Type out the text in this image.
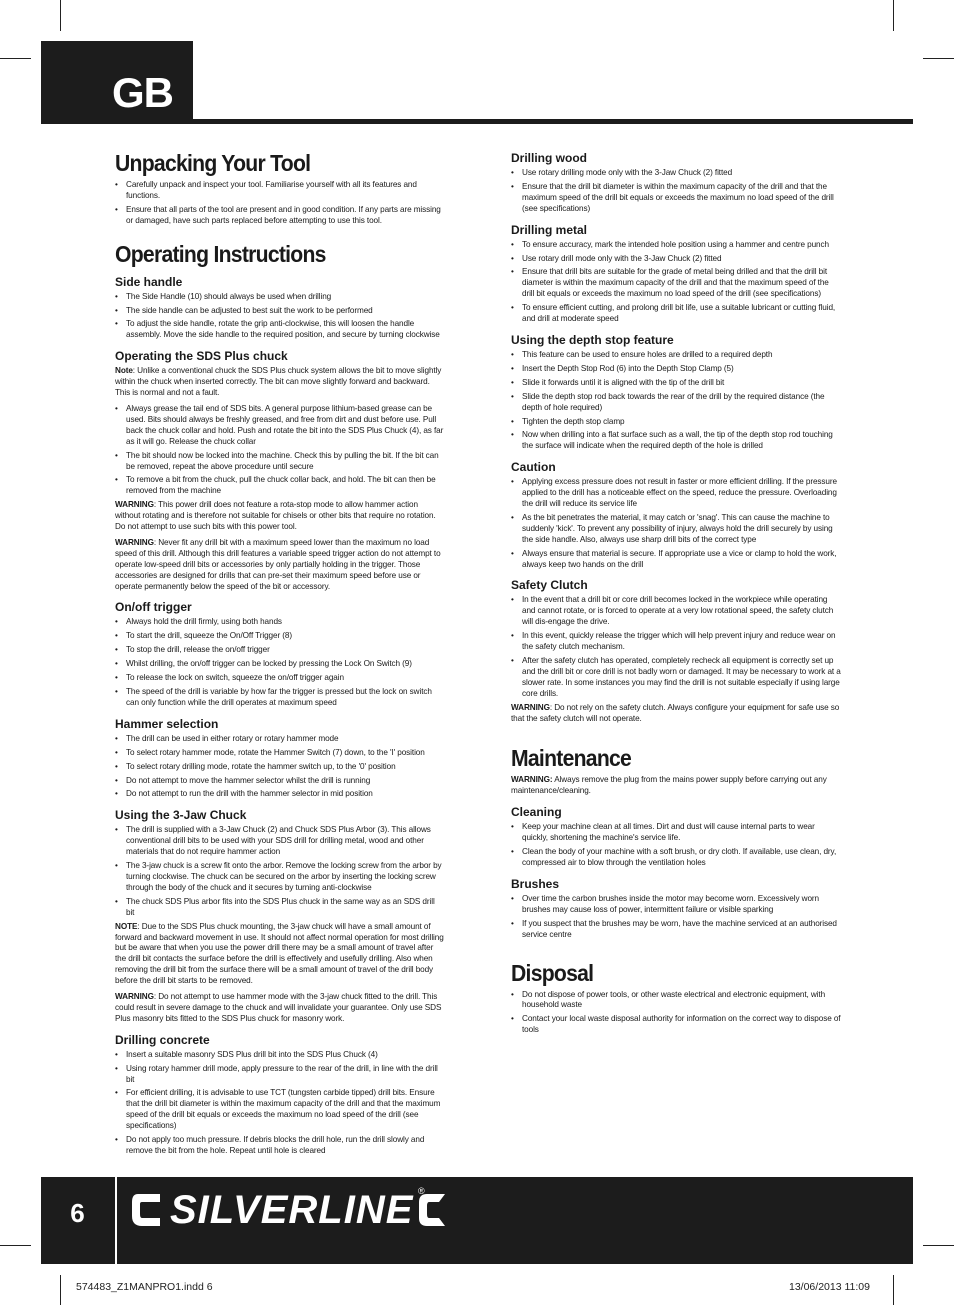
GB
Unpacking Your Tool
• Carefully unpack and inspect your tool. Familiarise yourself with all its features and functions.
• Ensure that all parts of the tool are present and in good condition. If any parts are missing or damaged, have such parts replaced before attempting to use this tool.
Operating Instructions
Side handle
• The Side Handle (10) should always be used when drilling
• The side handle can be adjusted to best suit the work to be performed
• To adjust the side handle, rotate the grip anti-clockwise, this will loosen the handle assembly. Move the side handle to the required position, and secure by turning clockwise
Operating the SDS Plus chuck

Note: Unlike a conventional chuck the SDS Plus chuck system allows the bit to move slightly within the chuck when inserted correctly. The bit can move slightly forward and backward. This is normal and not a fault.

• Always grease the tail end of SDS bits. A general purpose lithium-based grease can be used. Bits should always be freshly greased, and free from dirt and dust before use. Pull back the chuck collar and hold. Push and rotate the bit into the SDS Plus Chuck (4), as far as it will go. Release the chuck collar
• The bit should now be locked into the machine. Check this by pulling the bit. If the bit can be removed, repeat the above procedure until secure
• To remove a bit from the chuck, pull the chuck collar back, and hold. The bit can then be removed from the machine

WARNING: This power drill does not feature a rota-stop mode to allow hammer action without rotating and is therefore not suitable for chisels or other bits that require no rotation. Do not attempt to use such bits with this power tool.

WARNING: Never fit any drill bit with a maximum speed lower than the maximum no load speed of this drill. Although this drill features a variable speed trigger action do not attempt to operate low-speed drill bits or accessories by only partially holding in the trigger. Those accessories are designed for drills that can pre-set their maximum speed before use or operate permanently below the speed of the bit or accessory.

On/off trigger
• Always hold the drill firmly, using both hands
• To start the drill, squeeze the On/Off Trigger (8)
• To stop the drill, release the on/off trigger
• Whilst drilling, the on/off trigger can be locked by pressing the Lock On Switch (9)
• To release the lock on switch, squeeze the on/off trigger again
• The speed of the drill is variable by how far the trigger is pressed but the lock on switch can only function while the drill operates at maximum speed
Hammer selection
• The drill can be used in either rotary or rotary hammer mode
• To select rotary hammer mode, rotate the Hammer Switch (7) down, to the 'I' position
• To select rotary drilling mode, rotate the hammer switch up, to the '0' position
• Do not attempt to move the hammer selector whilst the drill is running
• Do not attempt to run the drill with the hammer selector in mid position
Using the 3-Jaw Chuck
• The drill is supplied with a 3-Jaw Chuck (2) and Chuck SDS Plus Arbor (3). This allows conventional drill bits to be used with your SDS drill for drilling metal, wood and other materials that do not require hammer action
• The 3-jaw chuck is a screw fit onto the arbor. Remove the locking screw from the arbor by turning clockwise. The chuck can be secured on the arbor by inserting the locking screw through the body of the chuck and it secures by turning anti-clockwise
• The chuck SDS Plus arbor fits into the SDS Plus chuck in the same way as an SDS drill bit

NOTE: Due to the SDS Plus chuck mounting, the 3-jaw chuck will have a small amount of forward and backward movement in use. It should not affect normal operation for most drilling but be aware that when you use the power drill there may be a small amount of travel after the drill bit contacts the surface before the drill is effectively and usefully drilling. Also when removing the drill bit from the surface there will be a small amount of travel of the drill body before the drill bit starts to be removed.

WARNING: Do not attempt to use hammer mode with the 3-jaw chuck fitted to the drill. This could result in severe damage to the chuck and will invalidate your guarantee. Only use SDS Plus masonry bits fitted to the SDS Plus chuck for masonry work.

Drilling concrete
• Insert a suitable masonry SDS Plus drill bit into the SDS Plus Chuck (4)
• Using rotary hammer drill mode, apply pressure to the rear of the drill, in line with the drill bit
• For efficient drilling, it is advisable to use TCT (tungsten carbide tipped) drill bits. Ensure that the drill bit diameter is within the maximum capacity of the drill and that the maximum speed of the drill bit equals or exceeds the maximum no load speed of the drill (see specifications)
• Do not apply too much pressure. If debris blocks the drill hole, run the drill slowly and remove the bit from the hole. Repeat until hole is cleared
Drilling wood
• Use rotary drilling mode only with the 3-Jaw Chuck (2) fitted
• Ensure that the drill bit diameter is within the maximum capacity of the drill and that the maximum speed of the drill bit equals or exceeds the maximum no load speed of the drill (see specifications)
Drilling metal
• To ensure accuracy, mark the intended hole position using a hammer and centre punch
• Use rotary drill mode only with the 3-Jaw Chuck (2) fitted
• Ensure that drill bits are suitable for the grade of metal being drilled and that the drill bit diameter is within the maximum capacity of the drill and that the maximum speed of the drill bit equals or exceeds the maximum no load speed of the drill (see specifications)
• To ensure efficient cutting, and prolong drill bit life, use a suitable lubricant or cutting fluid, and drill at moderate speed
Using the depth stop feature
• This feature can be used to ensure holes are drilled to a required depth
• Insert the Depth Stop Rod (6) into the Depth Stop Clamp (5)
• Slide it forwards until it is aligned with the tip of the drill bit
• Slide the depth stop rod back towards the rear of the drill by the required distance (the depth of hole required)
• Tighten the depth stop clamp
• Now when drilling into a flat surface such as a wall, the tip of the depth stop rod touching the surface will indicate when the required depth of the hole is drilled
Caution
• Applying excess pressure does not result in faster or more efficient drilling. If the pressure applied to the drill has a noticeable effect on the speed, reduce the pressure. Overloading the drill will reduce its service life
• As the bit penetrates the material, it may catch or 'snag'. This can cause the machine to suddenly 'kick'. To prevent any possibility of injury, always hold the drill securely by using the side handle. Also, always use sharp drill bits of the correct type
• Always ensure that material is secure. If appropriate use a vice or clamp to hold the work, always keep two hands on the drill
Safety Clutch
• In the event that a drill bit or core drill becomes locked in the workpiece while operating and cannot rotate, or is forced to operate at a very low rotational speed, the safety clutch will dis-engage the drive.
• In this event, quickly release the trigger which will help prevent injury and reduce wear on the safety clutch mechanism.
• After the safety clutch has operated, completely recheck all equipment is correctly set up and the drill bit or core drill is not badly worn or damaged. It may be necessary to work at a slower rate. In some instances you may find the drill is not suitable especially if using large core drills.

WARNING: Do not rely on the safety clutch. Always configure your equipment for safe use so that the safety clutch will not operate.

Maintenance

WARNING: Always remove the plug from the mains power supply before carrying out any maintenance/cleaning.

Cleaning
• Keep your machine clean at all times. Dirt and dust will cause internal parts to wear quickly, shortening the machine's service life.
• Clean the body of your machine with a soft brush, or dry cloth. If available, use clean, dry, compressed air to blow through the ventilation holes
Brushes
• Over time the carbon brushes inside the motor may become worn. Excessively worn brushes may cause loss of power, intermittent failure or visible sparking
• If you suspect that the brushes may be worn, have the machine serviced at an authorised service centre
Disposal
• Do not dispose of power tools, or other waste electrical and electronic equipment, with household waste
• Contact your local waste disposal authority for information on the correct way to dispose of tools
6	SILVERLINE ®
574483_Z1MANPRO1.indd 6	13/06/2013 11:09
